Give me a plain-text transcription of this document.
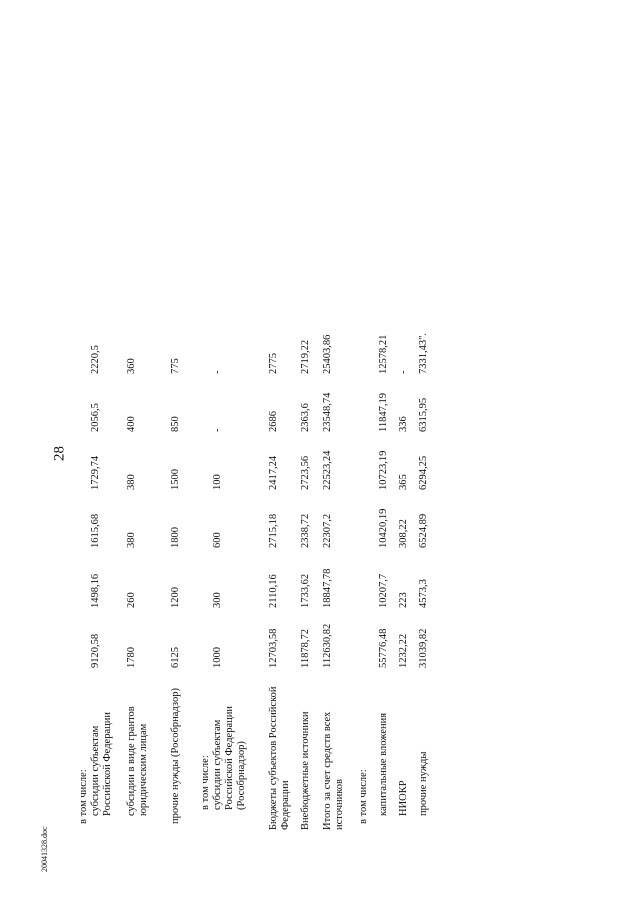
28
в том числе: субсидии субъектам Российской Федерации
9120,58
1498,16
1615,68
1729,74
2056,5
2220,5
субсидии в виде грантов юридическим лицам
1780
260
380
380
400
360
прочие нужды (Рособрнадзор)
6125
1200
1800
1500
850
775
в том числе: субсидии субъектам Российской Федерации (Рособрнадзор)
1000
300
600
100
-
-
Бюджеты субъектов Российской Федерации
12703,58
2110,16
2715,18
2417,24
2686
2775
Внебюджетные источники
11878,72
1733,62
2338,72
2723,56
2363,6
2719,22
Итого за счет средств всех источников
112630,82
18847,78
22307,2
22523,24
23548,74
25403,86
в том числе: капитальные вложения
55776,48
10207,7
10420,19
10723,19
11847,19
12578,21
НИОКР
1232,22
223
308,22
365
336
-
прочие нужды
31039,82
4573,3
6524,89
6294,25
6315,95
7331,43".
20041328.doc
